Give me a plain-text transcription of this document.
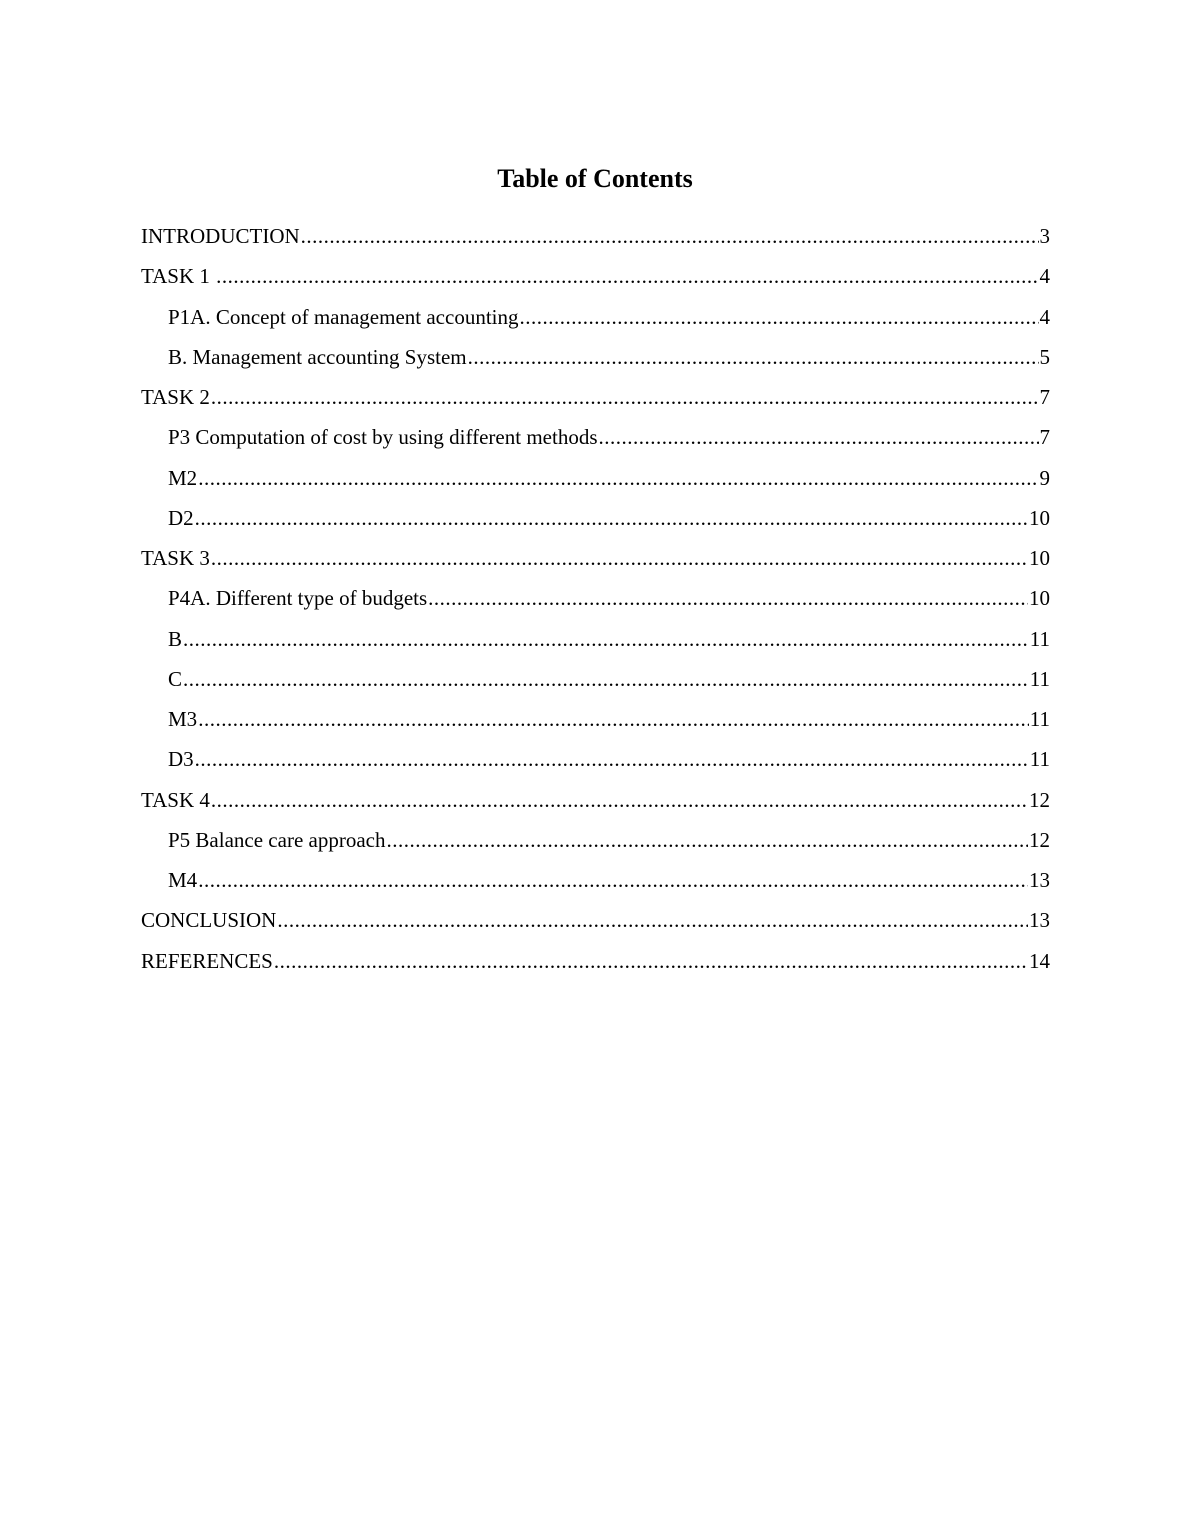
Table of Contents
INTRODUCTION .....	3
TASK 1 .....	4
P1A. Concept of management accounting .....	4
B. Management accounting System .....	5
TASK 2 .....	7
P3 Computation of cost by using different methods .....	7
M2 .....	9
D2 .....	10
TASK 3 .....	10
P4A. Different type of budgets .....	10
B .....	11
C .....	11
M3 .....	11
D3 .....	11
TASK 4 .....	12
P5 Balance care approach .....	12
M4 .....	13
CONCLUSION .....	13
REFERENCES .....	14
